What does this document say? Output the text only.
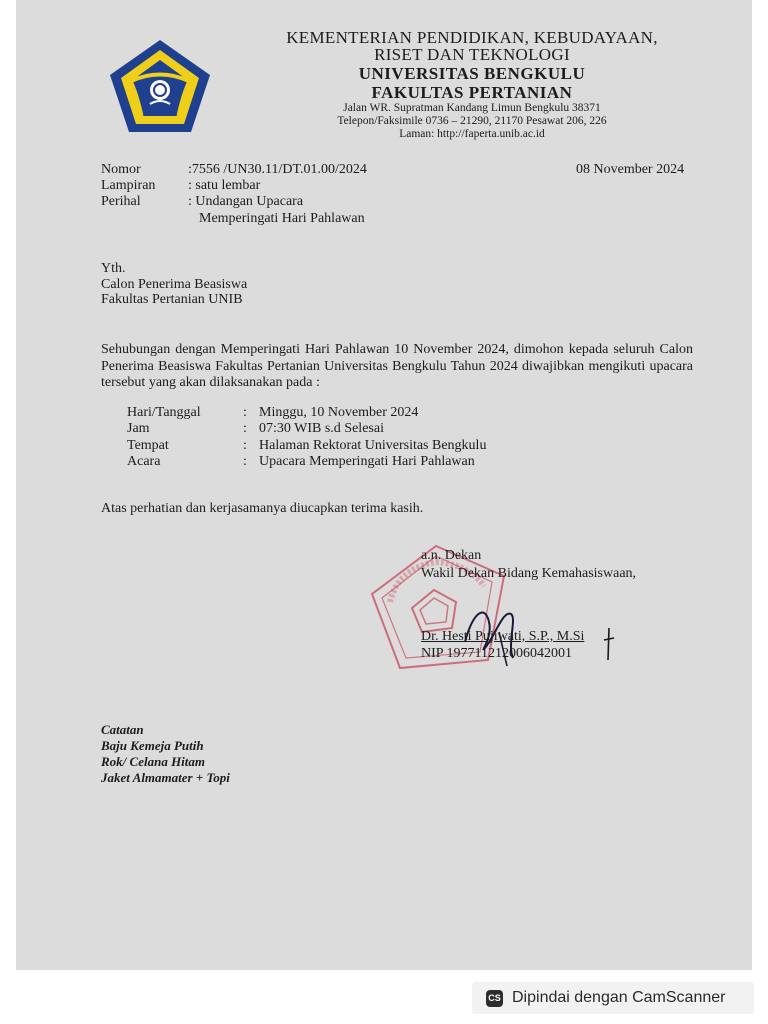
KEMENTERIAN PENDIDIKAN, KEBUDAYAAN,
RISET DAN TEKNOLOGI
UNIVERSITAS BENGKULU
FAKULTAS PERTANIAN
Jalan WR. Supratman Kandang Limun Bengkulu 38371
Telepon/Faksimile 0736 – 21290, 21170 Pesawat 206, 226
Laman: http://faperta.unib.ac.id
Nomor	:7556 /UN30.11/DT.01.00/2024	08 November 2024
Lampiran : satu lembar
Perihal	: Undangan Upacara
Memperingati Hari Pahlawan
Yth.
Calon Penerima Beasiswa
Fakultas Pertanian UNIB
Sehubungan dengan Memperingati Hari Pahlawan 10 November 2024, dimohon kepada seluruh Calon Penerima Beasiswa Fakultas Pertanian Universitas Bengkulu Tahun 2024 diwajibkan mengikuti upacara tersebut yang akan dilaksanakan pada :
Hari/Tanggal	: Minggu, 10 November 2024
Jam	: 07:30 WIB s.d Selesai
Tempat	: Halaman Rektorat Universitas Bengkulu
Acara	: Upacara Memperingati Hari Pahlawan
Atas perhatian dan kerjasamanya diucapkan terima kasih.
a.n. Dekan
Wakil Dekan Bidang Kemahasiswaan,
Dr. Hesti Pujiwati, S.P., M.Si
NIP 197711212006042001
Catatan
Baju Kemeja Putih
Rok/ Celana Hitam
Jaket Almamater + Topi
CS Dipindai dengan CamScanner
